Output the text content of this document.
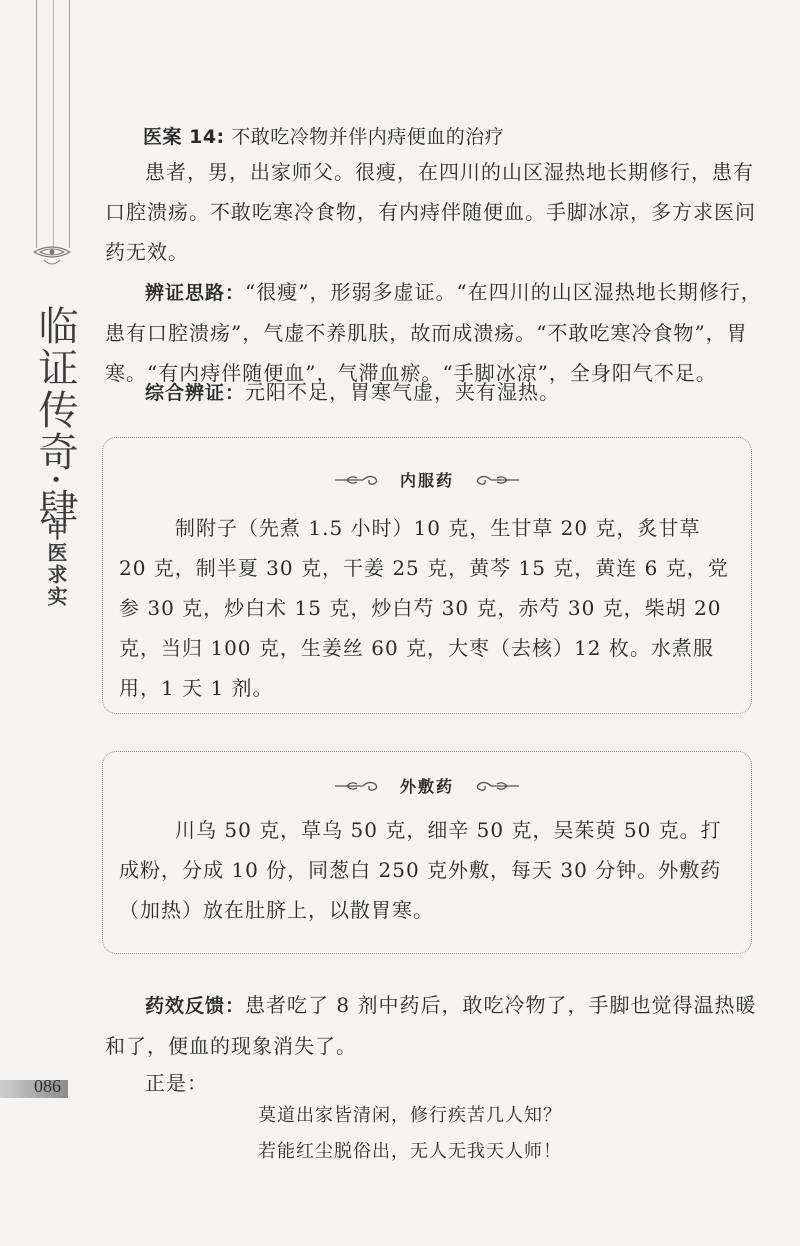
临证传奇·肆
中医求实
086
医案 14: 不敢吃冷物并伴内痔便血的治疗
患者，男，出家师父。很瘦，在四川的山区湿热地长期修行，患有口腔溃疡。不敢吃寒冷食物，有内痔伴随便血。手脚冰凉，多方求医问药无效。
辨证思路：“很瘦”，形弱多虚证。“在四川的山区湿热地长期修行，患有口腔溃疡”，气虚不养肌肤，故而成溃疡。“不敢吃寒冷食物”，胃寒。“有内痔伴随便血”，气滞血瘀。“手脚冰凉”，全身阳气不足。
综合辨证：元阳不足，胃寒气虚，夹有湿热。
内服药
制附子（先煮 1.5 小时）10 克，生甘草 20 克，炙甘草 20 克，制半夏 30 克，干姜 25 克，黄芩 15 克，黄连 6 克，党参 30 克，炒白术 15 克，炒白芍 30 克，赤芍 30 克，柴胡 20 克，当归 100 克，生姜丝 60 克，大枣（去核）12 枚。水煮服用，1 天 1 剂。
外敷药
川乌 50 克，草乌 50 克，细辛 50 克，吴茱萸 50 克。打成粉，分成 10 份，同葱白 250 克外敷，每天 30 分钟。外敷药（加热）放在肚脐上，以散胃寒。
药效反馈：患者吃了 8 剂中药后，敢吃冷物了，手脚也觉得温热暖和了，便血的现象消失了。
正是：
莫道出家皆清闲，修行疾苦几人知？
若能红尘脱俗出，无人无我天人师！
